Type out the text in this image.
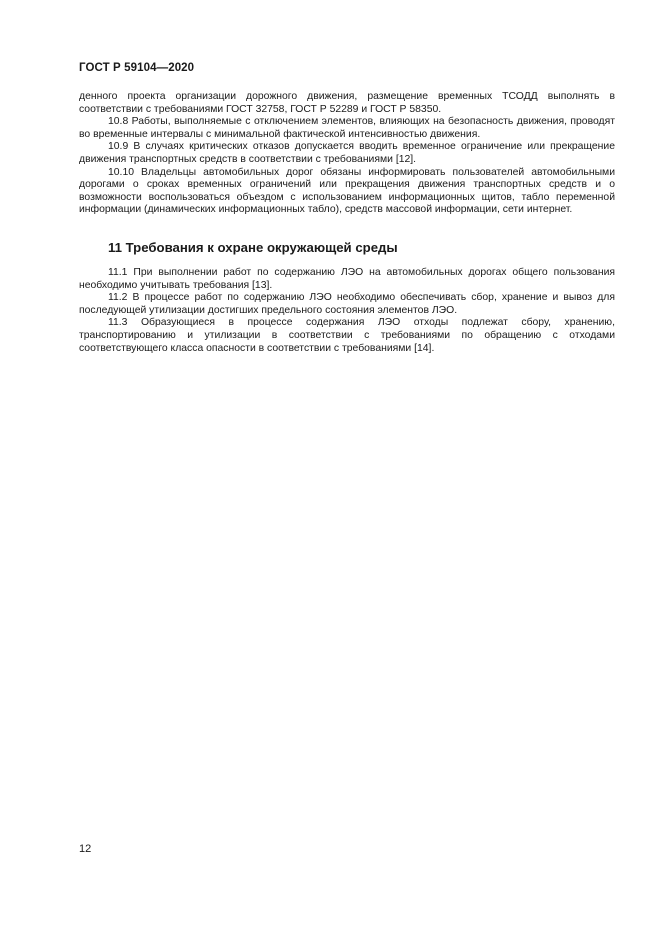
ГОСТ Р 59104—2020

денного проекта организации дорожного движения, размещение временных ТСОДД выполнять в соответствии с требованиями ГОСТ 32758, ГОСТ Р 52289 и ГОСТ Р 58350.

10.8 Работы, выполняемые с отключением элементов, влияющих на безопасность движения, проводят во временные интервалы с минимальной фактической интенсивностью движения.

10.9 В случаях критических отказов допускается вводить временное ограничение или прекращение движения транспортных средств в соответствии с требованиями [12].

10.10 Владельцы автомобильных дорог обязаны информировать пользователей автомобильными дорогами о сроках временных ограничений или прекращения движения транспортных средств и о возможности воспользоваться объездом с использованием информационных щитов, табло переменной информации (динамических информационных табло), средств массовой информации, сети интернет.

11 Требования к охране окружающей среды

11.1 При выполнении работ по содержанию ЛЭО на автомобильных дорогах общего пользования необходимо учитывать требования [13].

11.2 В процессе работ по содержанию ЛЭО необходимо обеспечивать сбор, хранение и вывоз для последующей утилизации достигших предельного состояния элементов ЛЭО.

11.3 Образующиеся в процессе содержания ЛЭО отходы подлежат сбору, хранению, транспортированию и утилизации в соответствии с требованиями по обращению с отходами соответствующего класса опасности в соответствии с требованиями [14].

12
